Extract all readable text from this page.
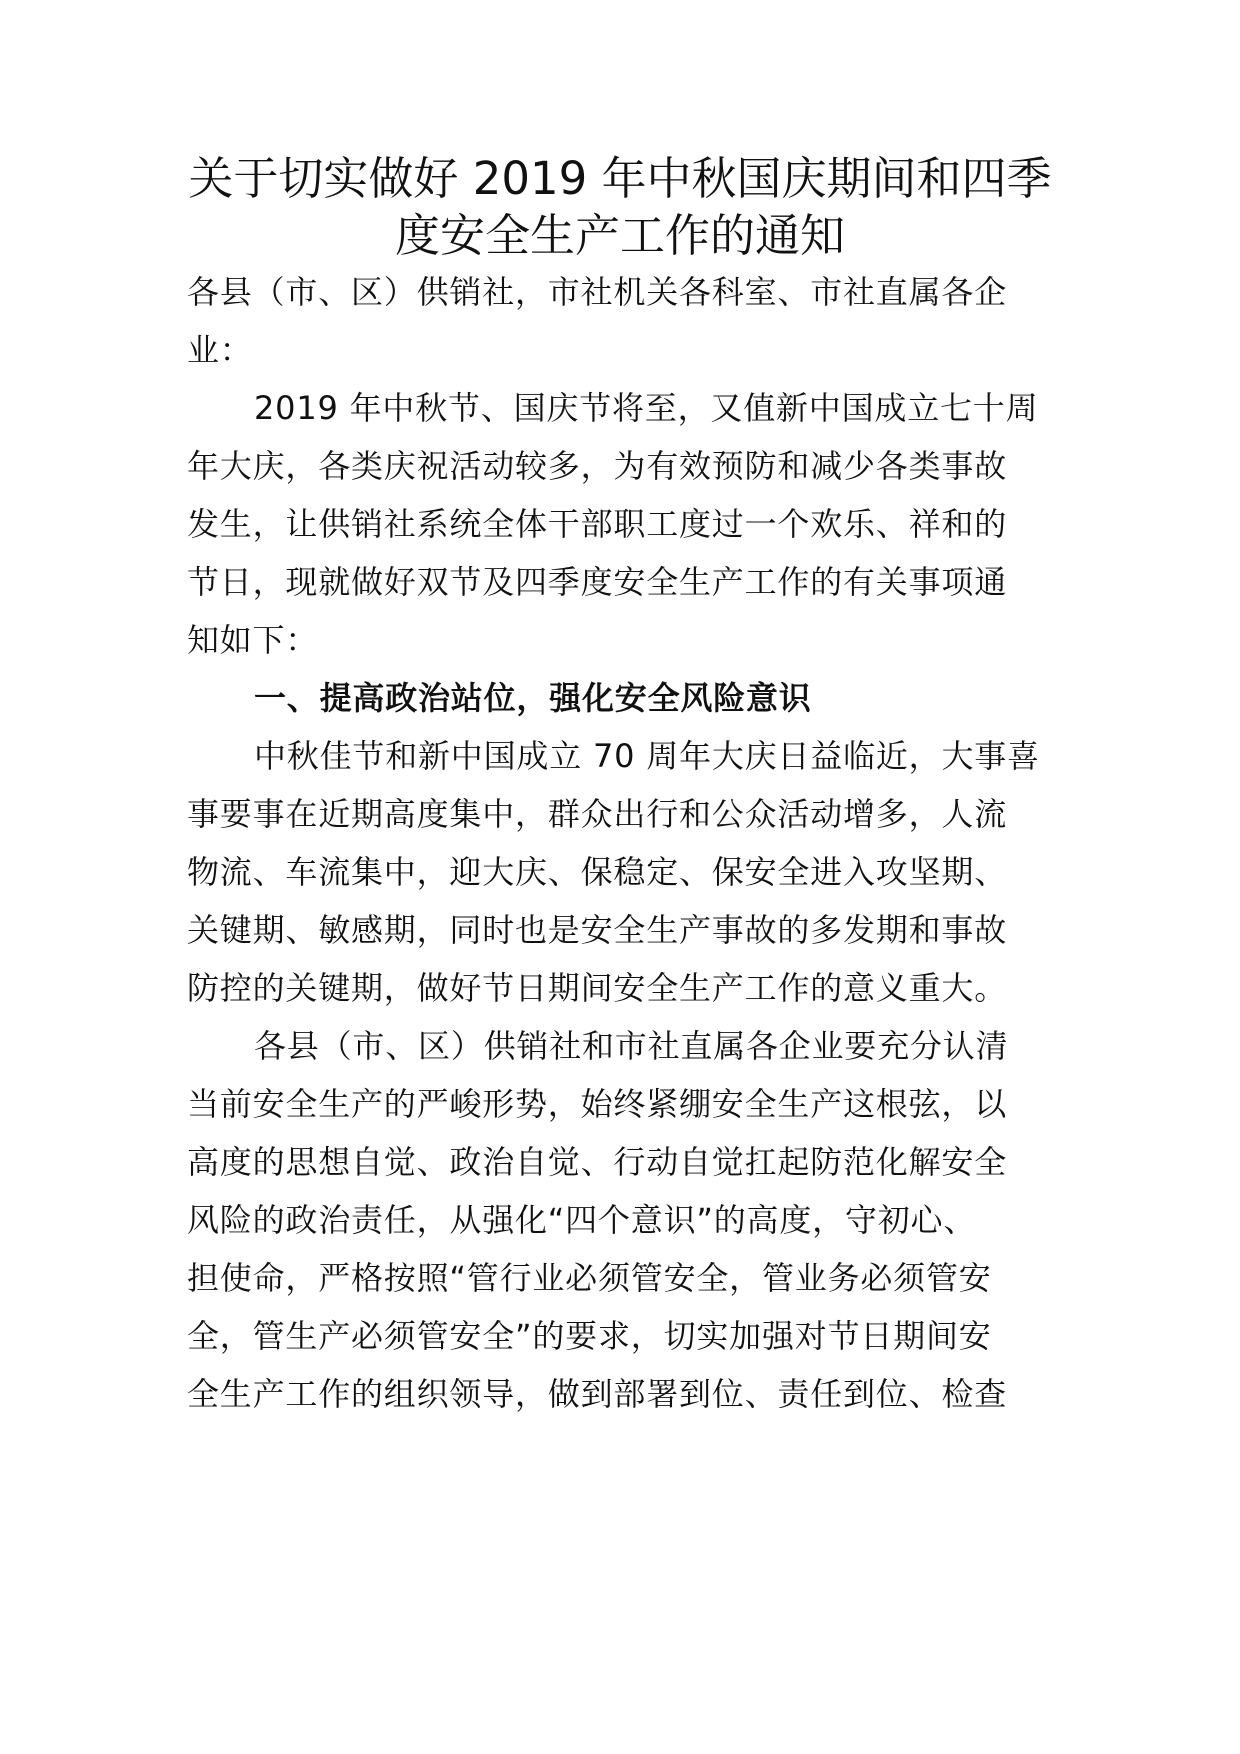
关于切实做好 2019 年中秋国庆期间和四季
度安全生产工作的通知

各县（市、区）供销社，市社机关各科室、市社直属各企

业：

2019 年中秋节、国庆节将至，又值新中国成立七十周

年大庆，各类庆祝活动较多，为有效预防和减少各类事故

发生，让供销社系统全体干部职工度过一个欢乐、祥和的

节日，现就做好双节及四季度安全生产工作的有关事项通

知如下：

一、提高政治站位，强化安全风险意识

中秋佳节和新中国成立 70 周年大庆日益临近，大事喜

事要事在近期高度集中，群众出行和公众活动增多，人流

物流、车流集中，迎大庆、保稳定、保安全进入攻坚期、

关键期、敏感期，同时也是安全生产事故的多发期和事故

防控的关键期，做好节日期间安全生产工作的意义重大。

各县（市、区）供销社和市社直属各企业要充分认清

当前安全生产的严峻形势，始终紧绷安全生产这根弦，以

高度的思想自觉、政治自觉、行动自觉扛起防范化解安全

风险的政治责任，从强化“四个意识”的高度，守初心、

担使命，严格按照“管行业必须管安全，管业务必须管安

全，管生产必须管安全”的要求，切实加强对节日期间安

全生产工作的组织领导，做到部署到位、责任到位、检查
